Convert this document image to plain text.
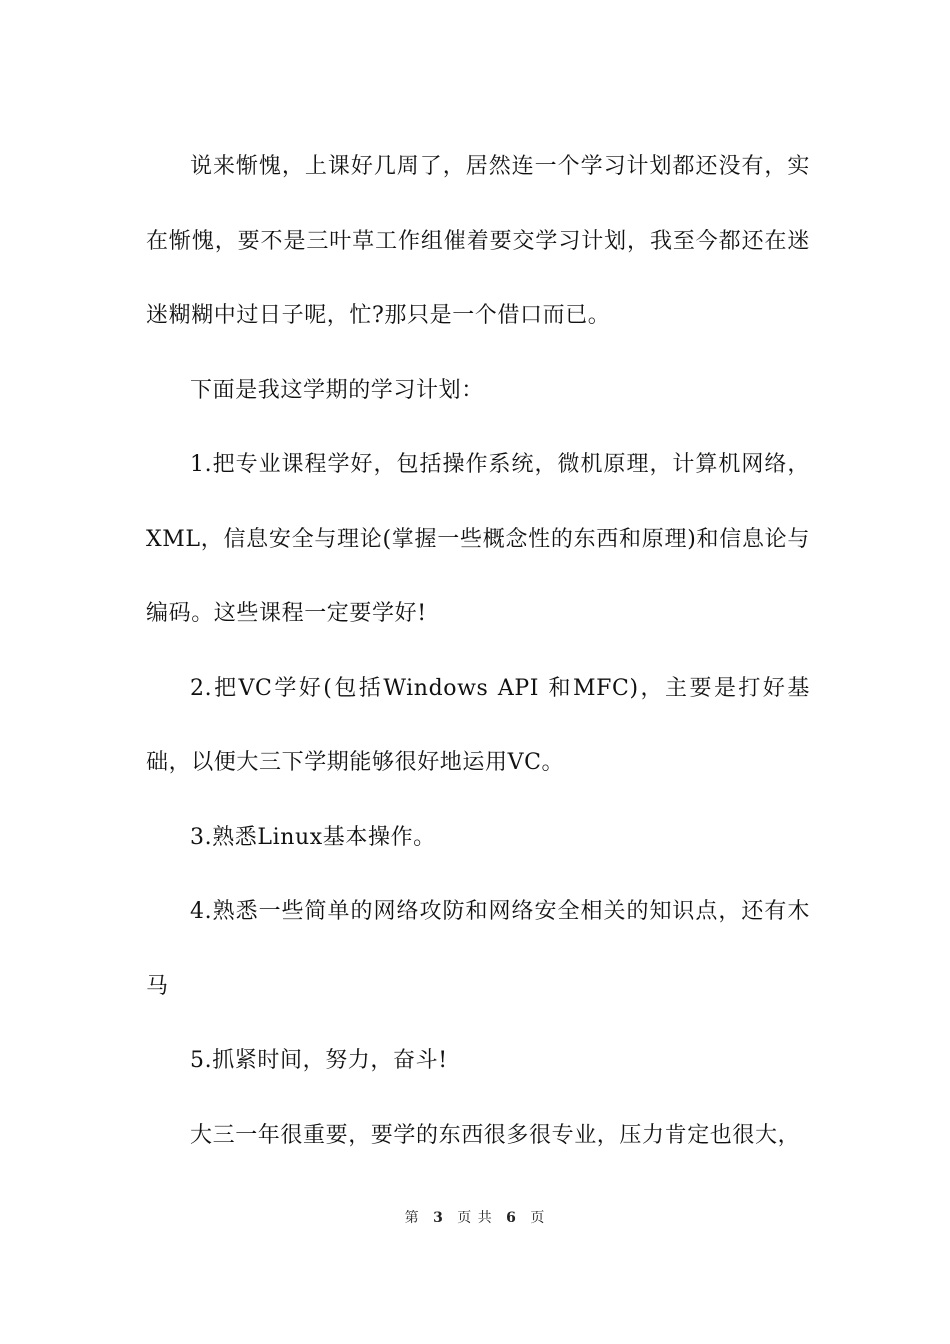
说来惭愧，上课好几周了，居然连一个学习计划都还没有，实在惭愧，要不是三叶草工作组催着要交学习计划，我至今都还在迷迷糊糊中过日子呢，忙?那只是一个借口而已。

下面是我这学期的学习计划：

1.把专业课程学好，包括操作系统，微机原理，计算机网络，XML，信息安全与理论(掌握一些概念性的东西和原理)和信息论与编码。这些课程一定要学好!

2.把VC学好(包括Windows API 和MFC)，主要是打好基础，以便大三下学期能够很好地运用VC。

3.熟悉Linux基本操作。

4.熟悉一些简单的网络攻防和网络安全相关的知识点，还有木马

5.抓紧时间，努力，奋斗!

大三一年很重要，要学的东西很多很专业，压力肯定也很大，

第 3 页 共 6 页
